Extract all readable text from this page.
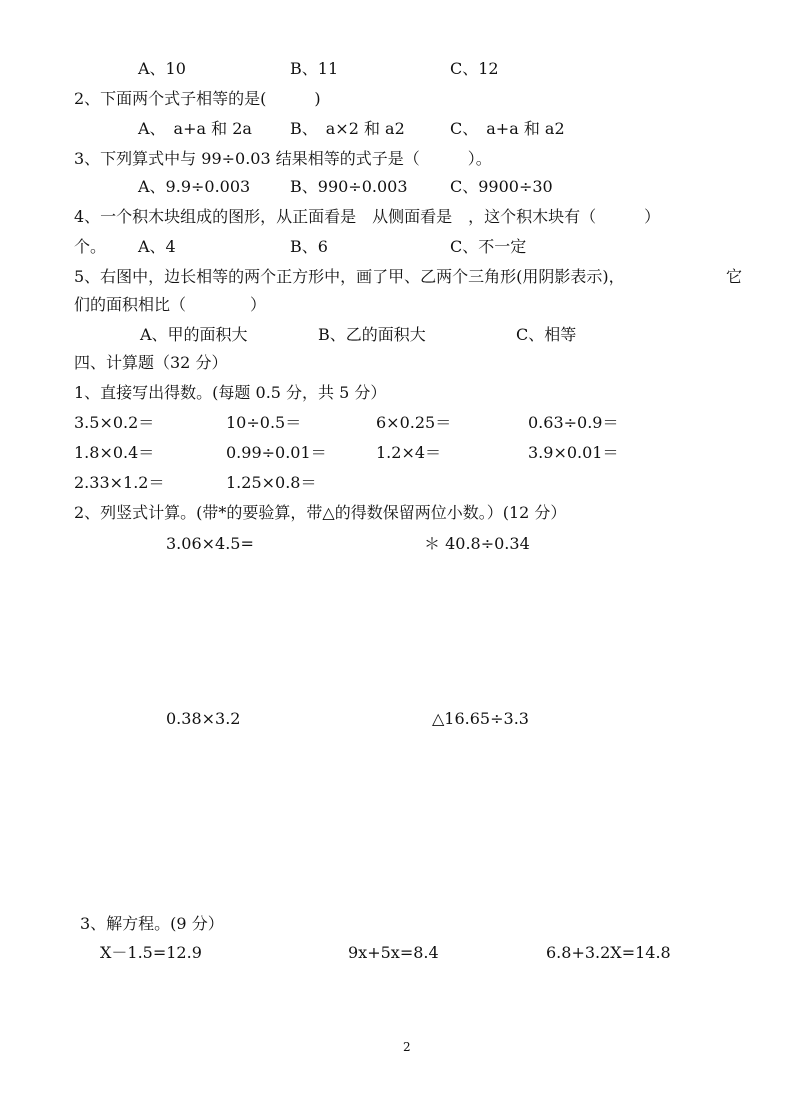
A、10	B、11	C、12
2、下面两个式子相等的是(　　　)
A、　a+a 和 2a B、　a×2 和 a2	C、　a+a 和 a2
3、下列算式中与 99÷0.03 结果相等的式子是（　　　）。
A、9.9÷0.003 B、990÷0.003	C、9900÷30
4、一个积木块组成的图形，从正面看是　从侧面看是　，这个积木块有（　　　）
个。 A、4	B、6	C、不一定
5、右图中，边长相等的两个正方形中，画了甲、乙两个三角形(用阴影表示)，	它
们的面积相比（　　　　）
A、甲的面积大	B、乙的面积大	C、相等
四、计算题（32 分）
1、直接写出得数。(每题 0.5 分，共 5 分）
3.5×0.2＝	10÷0.5＝	6×0.25＝	0.63÷0.9＝
1.8×0.4＝	0.99÷0.01＝	1.2×4＝	3.9×0.01＝
2.33×1.2＝	1.25×0.8＝
2、列竖式计算。(带*的要验算，带△的得数保留两位小数。）(12 分）
3.06×4.5=	＊ 40.8÷0.34
0.38×3.2	△16.65÷3.3
3、解方程。(9 分）
X－1.5=12.9	9x+5x=8.4	6.8+3.2X=14.8
2
